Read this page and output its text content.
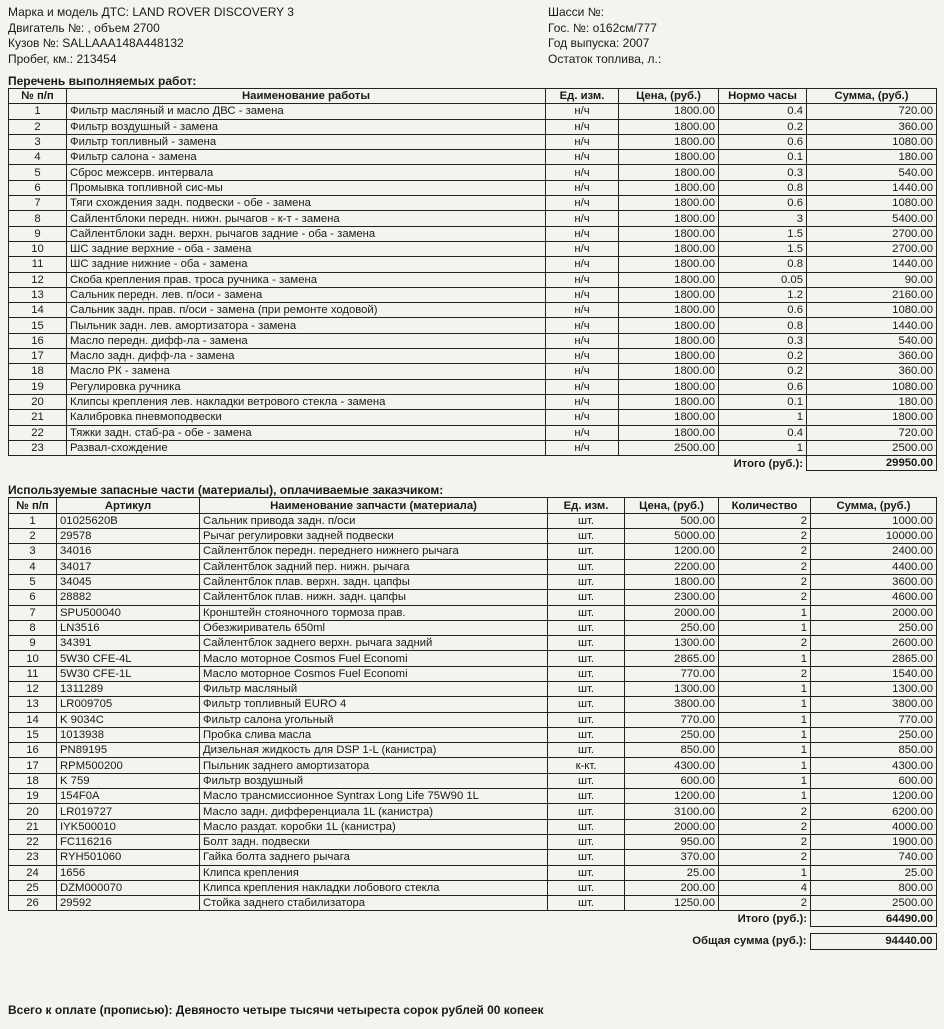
Марка и модель ДТС: LAND ROVER DISCOVERY 3
Двигатель №: , объем 2700
Кузов №: SALLAAA148A448132
Пробег, км.: 213454
Шасси №:
Гос. №: о162см/777
Год выпуска: 2007
Остаток топлива, л.:
Перечень выполняемых работ:
№ п/п	Наименование работы	Ед. изм.	Цена, (руб.)	Нормо часы	Сумма, (руб.)
1	Фильтр масляный и масло ДВС - замена	н/ч	1800.00	0.4	720.00
2	Фильтр воздушный - замена	н/ч	1800.00	0.2	360.00
3	Фильтр топливный - замена	н/ч	1800.00	0.6	1080.00
4	Фильтр салона - замена	н/ч	1800.00	0.1	180.00
5	Сброс межсерв. интервала	н/ч	1800.00	0.3	540.00
6	Промывка топливной сис-мы	н/ч	1800.00	0.8	1440.00
7	Тяги схождения задн. подвески - обе - замена	н/ч	1800.00	0.6	1080.00
8	Сайлентблоки передн. нижн. рычагов - к-т - замена	н/ч	1800.00	3	5400.00
9	Сайлентблоки задн. верхн. рычагов задние - оба - замена	н/ч	1800.00	1.5	2700.00
10	ШС задние верхние - оба - замена	н/ч	1800.00	1.5	2700.00
11	ШС задние нижние - оба - замена	н/ч	1800.00	0.8	1440.00
12	Скоба крепления прав. троса ручника - замена	н/ч	1800.00	0.05	90.00
13	Сальник передн. лев. п/оси - замена	н/ч	1800.00	1.2	2160.00
14	Сальник задн. прав. п/оси - замена (при ремонте ходовой)	н/ч	1800.00	0.6	1080.00
15	Пыльник задн. лев. амортизатора - замена	н/ч	1800.00	0.8	1440.00
16	Масло передн. дифф-ла - замена	н/ч	1800.00	0.3	540.00
17	Масло задн. дифф-ла - замена	н/ч	1800.00	0.2	360.00
18	Масло РК - замена	н/ч	1800.00	0.2	360.00
19	Регулировка ручника	н/ч	1800.00	0.6	1080.00
20	Клипсы крепления лев. накладки ветрового стекла - замена	н/ч	1800.00	0.1	180.00
21	Калибровка пневмоподвески	н/ч	1800.00	1	1800.00
22	Тяжки задн. стаб-ра - обе - замена	н/ч	1800.00	0.4	720.00
23	Развал-схождение	н/ч	2500.00	1	2500.00
Итого (руб.):					29950.00
Используемые запасные части (материалы), оплачиваемые заказчиком:
№ п/п	Артикул	Наименование запчасти (материала)	Ед. изм.	Цена, (руб.)	Количество	Сумма, (руб.)
1	01025620B	Сальник привода задн. п/оси	шт.	500.00	2	1000.00
2	29578	Рычаг регулировки задней подвески	шт.	5000.00	2	10000.00
3	34016	Сайлентблок передн. переднего нижнего рычага	шт.	1200.00	2	2400.00
4	34017	Сайлентблок задний пер. нижн. рычага	шт.	2200.00	2	4400.00
5	34045	Сайлентблок плав. верхн. задн. цапфы	шт.	1800.00	2	3600.00
6	28882	Сайлентблок плав. нижн. задн. цапфы	шт.	2300.00	2	4600.00
7	SPU500040	Кронштейн стояночного тормоза прав.	шт.	2000.00	1	2000.00
8	LN3516	Обезжириватель 650ml	шт.	250.00	1	250.00
9	34391	Сайлентблок заднего верхн. рычага задний	шт.	1300.00	2	2600.00
10	5W30 CFE-4L	Масло моторное Cosmos Fuel Economi	шт.	2865.00	1	2865.00
11	5W30 CFE-1L	Масло моторное Cosmos Fuel Economi	шт.	770.00	2	1540.00
12	1311289	Фильтр масляный	шт.	1300.00	1	1300.00
13	LR009705	Фильтр топливный EURO 4	шт.	3800.00	1	3800.00
14	K 9034C	Фильтр салона угольный	шт.	770.00	1	770.00
15	1013938	Пробка слива масла	шт.	250.00	1	250.00
16	PN89195	Дизельная жидкость для DSP 1-L (канистра)	шт.	850.00	1	850.00
17	RPM500200	Пыльник заднего амортизатора	к-кт.	4300.00	1	4300.00
18	K 759	Фильтр воздушный	шт.	600.00	1	600.00
19	154F0A	Масло трансмиссионное Syntrax Long Life 75W90 1L	шт.	1200.00	1	1200.00
20	LR019727	Масло задн. дифференциала 1L (канистра)	шт.	3100.00	2	6200.00
21	IYK500010	Масло раздат. коробки 1L (канистра)	шт.	2000.00	2	4000.00
22	FC116216	Болт задн. подвески	шт.	950.00	2	1900.00
23	RYH501060	Гайка болта заднего рычага	шт.	370.00	2	740.00
24	1656	Клипса крепления	шт.	25.00	1	25.00
25	DZM000070	Клипса крепления накладки лобового стекла	шт.	200.00	4	800.00
26	29592	Стойка заднего стабилизатора	шт.	1250.00	2	2500.00
Итого (руб.):						64490.00
Общая сумма (руб.):	94440.00
Всего к оплате (прописью): Девяносто четыре тысячи четыреста сорок рублей 00 копеек
